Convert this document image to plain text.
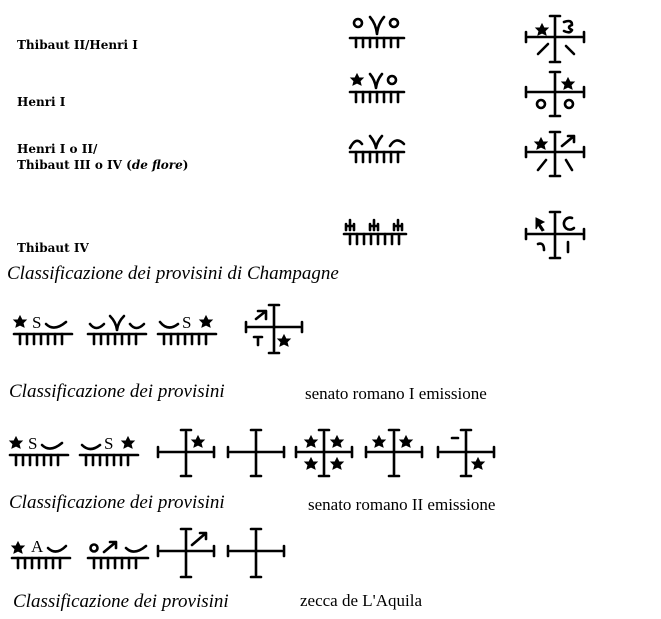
Thibaut II/Henri I
Henri I
Henri I o II/
Thibaut III o IV (de flore)
Thibaut IV
Classificazione dei provisini di Champagne
S	S
Classificazione dei provisini	senato romano I emissione
S	S
Classificazione dei provisini	senato romano II emissione
A
Classificazione dei provisini	zecca de L'Aquila
